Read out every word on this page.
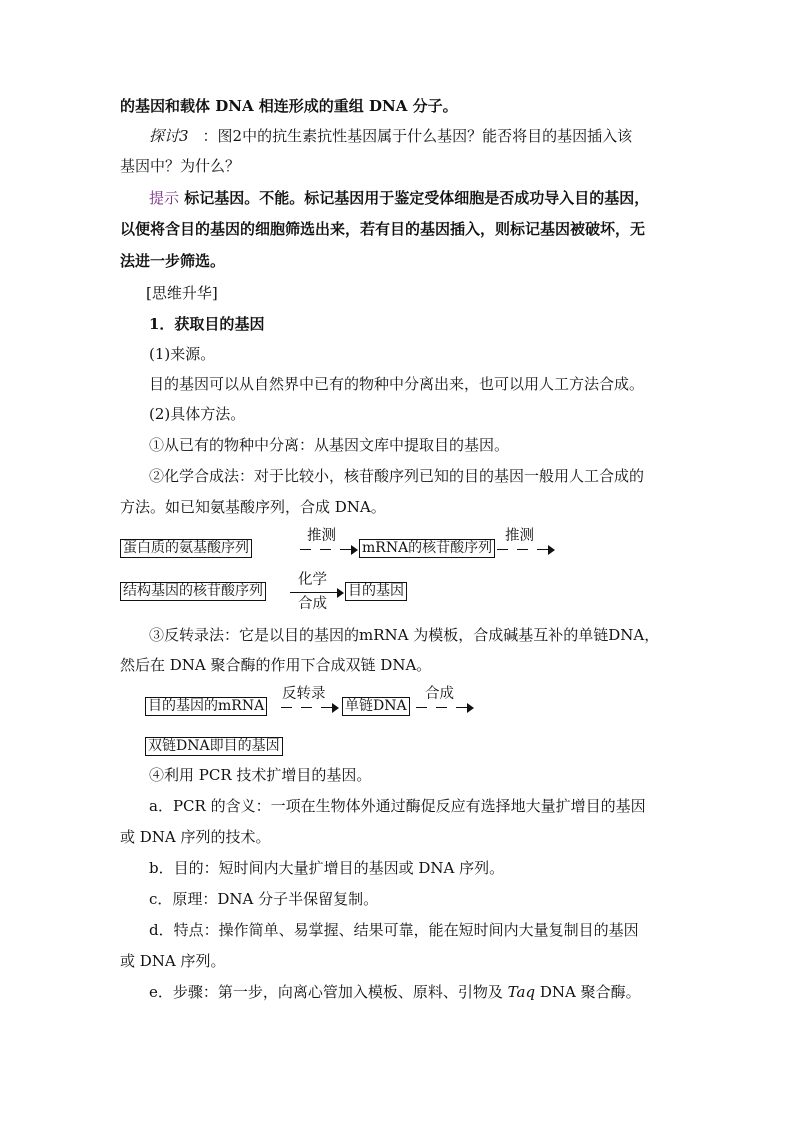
的基因和载体 DNA 相连形成的重组 DNA 分子。
探讨3 ：图2中的抗生素抗性基因属于什么基因？能否将目的基因插入该
基因中？为什么？
提示 标记基因。不能。标记基因用于鉴定受体细胞是否成功导入目的基因，
以便将含目的基因的细胞筛选出来，若有目的基因插入，则标记基因被破坏，无
法进一步筛选。
[思维升华]
1．获取目的基因
(1)来源。
目的基因可以从自然界中已有的物种中分离出来，也可以用人工方法合成。
(2)具体方法。
①从已有的物种中分离：从基因文库中提取目的基因。
②化学合成法：对于比较小，核苷酸序列已知的目的基因一般用人工合成的
方法。如已知氨基酸序列，合成 DNA。
蛋白质的氨基酸序列
推测
mRNA的核苷酸序列
推测
结构基因的核苷酸序列
化学
合成
目的基因
③反转录法：它是以目的基因的mRNA 为模板，合成碱基互补的单链DNA，
然后在 DNA 聚合酶的作用下合成双链 DNA。
目的基因的mRNA
反转录
单链DNA
合成
双链DNA即目的基因
④利用 PCR 技术扩增目的基因。
a．PCR 的含义：一项在生物体外通过酶促反应有选择地大量扩增目的基因
或 DNA 序列的技术。
b．目的：短时间内大量扩增目的基因或 DNA 序列。
c．原理：DNA 分子半保留复制。
d．特点：操作简单、易掌握、结果可靠，能在短时间内大量复制目的基因
或 DNA 序列。
e．步骤：第一步，向离心管加入模板、原料、引物及 Taq DNA 聚合酶。
